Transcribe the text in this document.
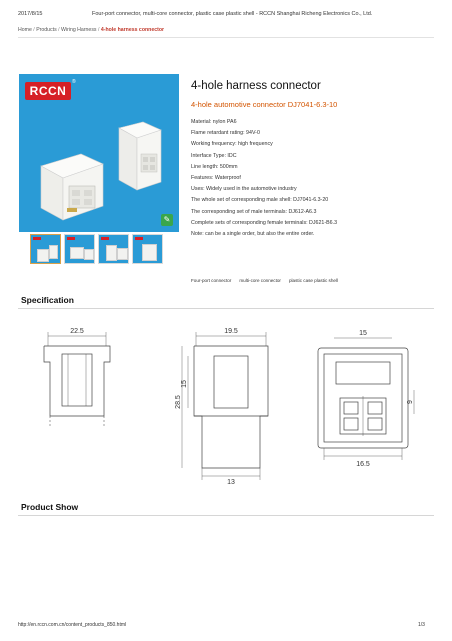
2017/8/15	Four-port connector, multi-core connector, plastic case plastic shell - RCCN Shanghai Richeng Electronics Co., Ltd.
Home / Products / Wiring Harness / 4-hole harness connector
RCCN
®
✎
4-hole harness connector
4-hole automotive connector DJ7041-6.3-10
Material: nylon PA6
Flame retardant rating: 94V-0
Working frequency: high frequency
Interface Type: IDC
Line length: 500mm
Features: Waterproof
Uses: Widely used in the automotive industry
The whole set of corresponding male shell: DJ7041-6.3-20
The corresponding set of male terminals: DJ612-A6.3
Complete sets of corresponding female terminals: DJ621-B6.3
Note: can be a single order, but also the entire order.
Four-port connector multi-core connector plastic case plastic shell
Specification
22.5	19.5	15
28.5
15
13
9
16.5
Product Show
http://en.rccn.com.cn/content_products_850.html	1/3
